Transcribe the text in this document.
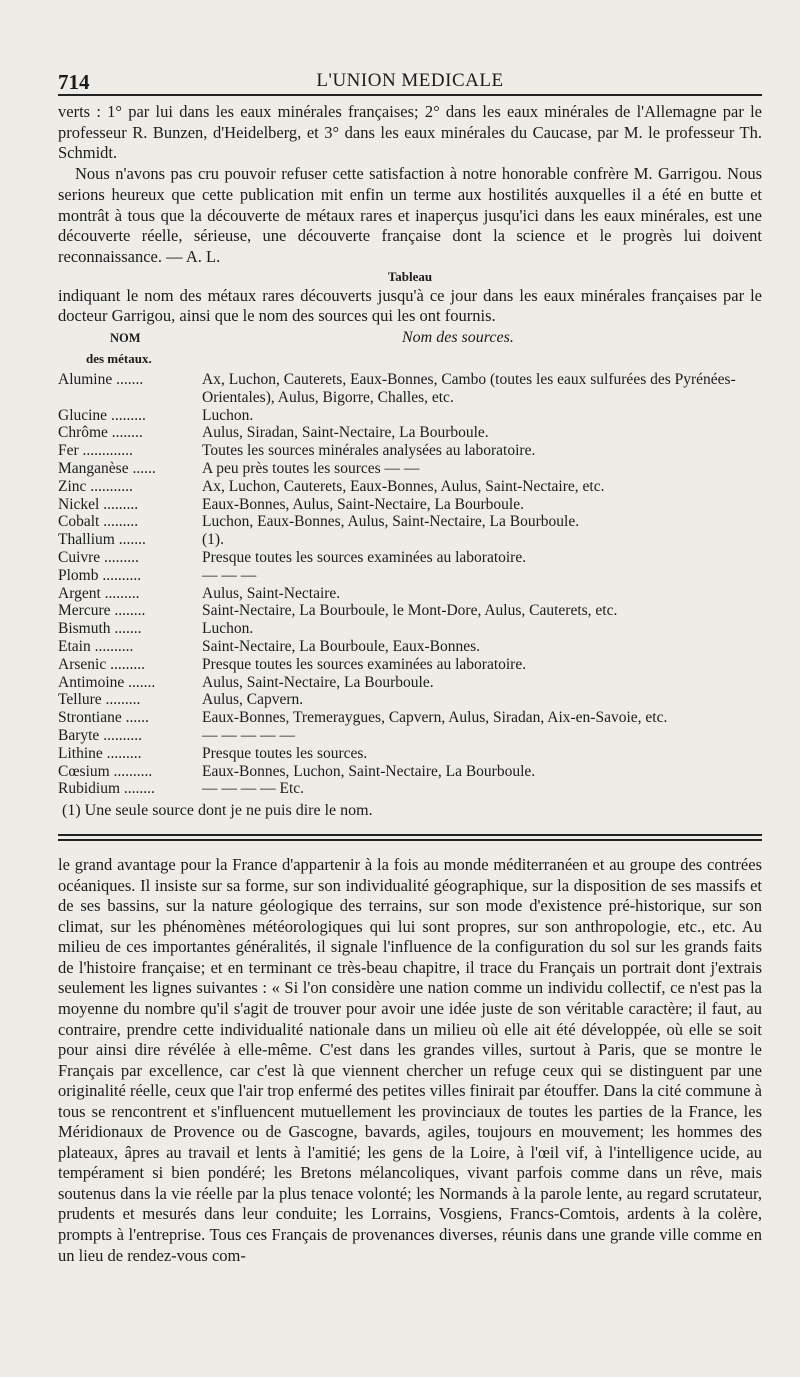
714	L'UNION MEDICALE

verts : 1° par lui dans les eaux minérales françaises; 2° dans les eaux minérales de l'Allemagne par le professeur R. Bunzen, d'Heidelberg, et 3° dans les eaux minérales du Caucase, par M. le professeur Th. Schmidt.

Nous n'avons pas cru pouvoir refuser cette satisfaction à notre honorable confrère M. Garrigou. Nous serions heureux que cette publication mit enfin un terme aux hostilités auxquelles il a été en butte et montrât à tous que la découverte de métaux rares et inaperçus jusqu'ici dans les eaux minérales, est une découverte réelle, sérieuse, une découverte française dont la science et le progrès lui doivent reconnaissance. — A. L.

Tableau

indiquant le nom des métaux rares découverts jusqu'à ce jour dans les eaux minérales françaises par le docteur Garrigou, ainsi que le nom des sources qui les ont fournis.

NOM
des métaux.
Nom des sources.
Alumine .......	Ax, Luchon, Cauterets, Eaux-Bonnes, Cambo (toutes les eaux sulfurées des Pyrénées-Orientales), Aulus, Bigorre, Challes, etc.
Glucine .........	Luchon.
Chrôme ........	Aulus, Siradan, Saint-Nectaire, La Bourboule.
Fer .............	Toutes les sources minérales analysées au laboratoire.
Manganèse ......	A peu près toutes les sources — —
Zinc ...........	Ax, Luchon, Cauterets, Eaux-Bonnes, Aulus, Saint-Nectaire, etc.
Nickel .........	Eaux-Bonnes, Aulus, Saint-Nectaire, La Bourboule.
Cobalt .........	Luchon, Eaux-Bonnes, Aulus, Saint-Nectaire, La Bourboule.
Thallium .......	(1).
Cuivre .........	Presque toutes les sources examinées au laboratoire.
Plomb ..........	— — —
Argent .........	Aulus, Saint-Nectaire.
Mercure ........	Saint-Nectaire, La Bourboule, le Mont-Dore, Aulus, Cauterets, etc.
Bismuth .......	Luchon.
Etain ..........	Saint-Nectaire, La Bourboule, Eaux-Bonnes.
Arsenic .........	Presque toutes les sources examinées au laboratoire.
Antimoine .......	Aulus, Saint-Nectaire, La Bourboule.
Tellure .........	Aulus, Capvern.
Strontiane ......	Eaux-Bonnes, Tremeraygues, Capvern, Aulus, Siradan, Aix-en-Savoie, etc.
Baryte ..........	— — — — —
Lithine .........	Presque toutes les sources.
Cœsium ..........	Eaux-Bonnes, Luchon, Saint-Nectaire, La Bourboule.
Rubidium ........	— — — — Etc.
(1) Une seule source dont je ne puis dire le nom.

le grand avantage pour la France d'appartenir à la fois au monde méditerranéen et au groupe des contrées océaniques. Il insiste sur sa forme, sur son individualité géographique, sur la disposition de ses massifs et de ses bassins, sur la nature géologique des terrains, sur son mode d'existence pré-historique, sur son climat, sur les phénomènes météorologiques qui lui sont propres, sur son anthropologie, etc., etc. Au milieu de ces importantes généralités, il signale l'influence de la configuration du sol sur les grands faits de l'histoire française; et en terminant ce très-beau chapitre, il trace du Français un portrait dont j'extrais seulement les lignes suivantes : « Si l'on considère une nation comme un individu collectif, ce n'est pas la moyenne du nombre qu'il s'agit de trouver pour avoir une idée juste de son véritable caractère; il faut, au contraire, prendre cette individualité nationale dans un milieu où elle ait été développée, où elle se soit pour ainsi dire révélée à elle-même. C'est dans les grandes villes, surtout à Paris, que se montre le Français par excellence, car c'est là que viennent chercher un refuge ceux qui se distinguent par une originalité réelle, ceux que l'air trop enfermé des petites villes finirait par étouffer. Dans la cité commune à tous se rencontrent et s'influencent mutuellement les provinciaux de toutes les parties de la France, les Méridionaux de Provence ou de Gascogne, bavards, agiles, toujours en mouvement; les hommes des plateaux, âpres au travail et lents à l'amitié; les gens de la Loire, à l'œil vif, à l'intelligence ucide, au tempérament si bien pondéré; les Bretons mélancoliques, vivant parfois comme dans un rêve, mais soutenus dans la vie réelle par la plus tenace volonté; les Normands à la parole lente, au regard scrutateur, prudents et mesurés dans leur conduite; les Lorrains, Vosgiens, Francs-Comtois, ardents à la colère, prompts à l'entreprise. Tous ces Français de provenances diverses, réunis dans une grande ville comme en un lieu de rendez-vous com-
